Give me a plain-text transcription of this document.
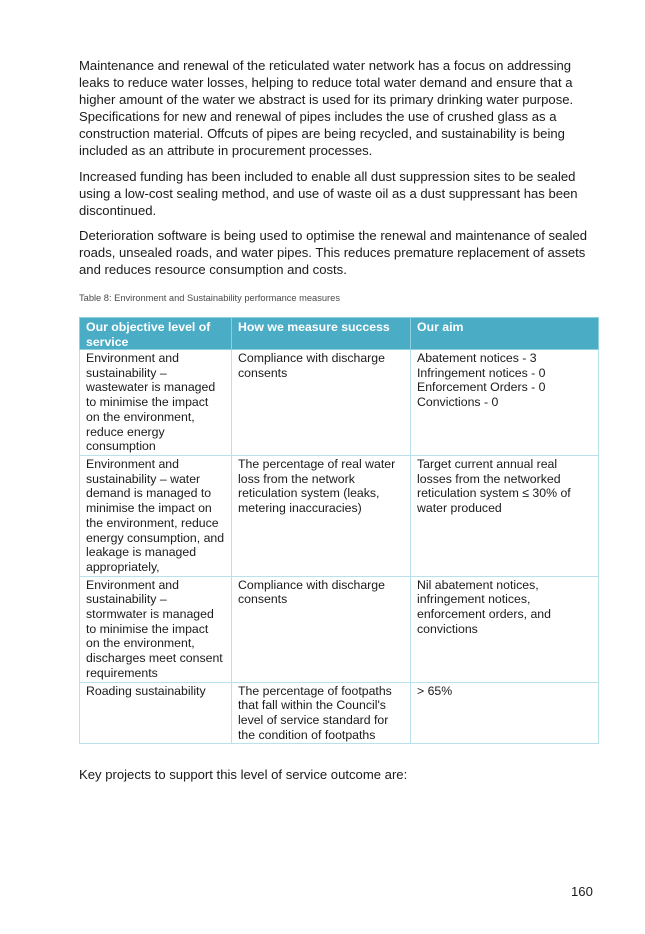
Maintenance and renewal of the reticulated water network has a focus on addressing leaks to reduce water losses, helping to reduce total water demand and ensure that a higher amount of the water we abstract is used for its primary drinking water purpose. Specifications for new and renewal of pipes includes the use of crushed glass as a construction material. Offcuts of pipes are being recycled, and sustainability is being included as an attribute in procurement processes.

Increased funding has been included to enable all dust suppression sites to be sealed using a low-cost sealing method, and use of waste oil as a dust suppressant has been discontinued.

Deterioration software is being used to optimise the renewal and maintenance of sealed roads, unsealed roads, and water pipes. This reduces premature replacement of assets and reduces resource consumption and costs.

Table 8: Environment and Sustainability performance measures

Our objective level of service	How we measure success	Our aim
Environment and sustainability – wastewater is managed to minimise the impact on the environment, reduce energy consumption	Compliance with discharge consents	Abatement notices - 3
Infringement notices - 0
Enforcement Orders - 0
Convictions - 0

Environment and sustainability – water demand is managed to minimise the impact on the environment, reduce energy consumption, and leakage is managed appropriately,	The percentage of real water loss from the network reticulation system (leaks, metering inaccuracies)	Target current annual real losses from the networked reticulation system ≤ 30% of water produced

Environment and sustainability – stormwater is managed to minimise the impact on the environment, discharges meet consent requirements	Compliance with discharge consents	Nil abatement notices, infringement notices, enforcement orders, and convictions

Roading sustainability	The percentage of footpaths that fall within the Council's level of service standard for the condition of footpaths	> 65%

Key projects to support this level of service outcome are:

160
